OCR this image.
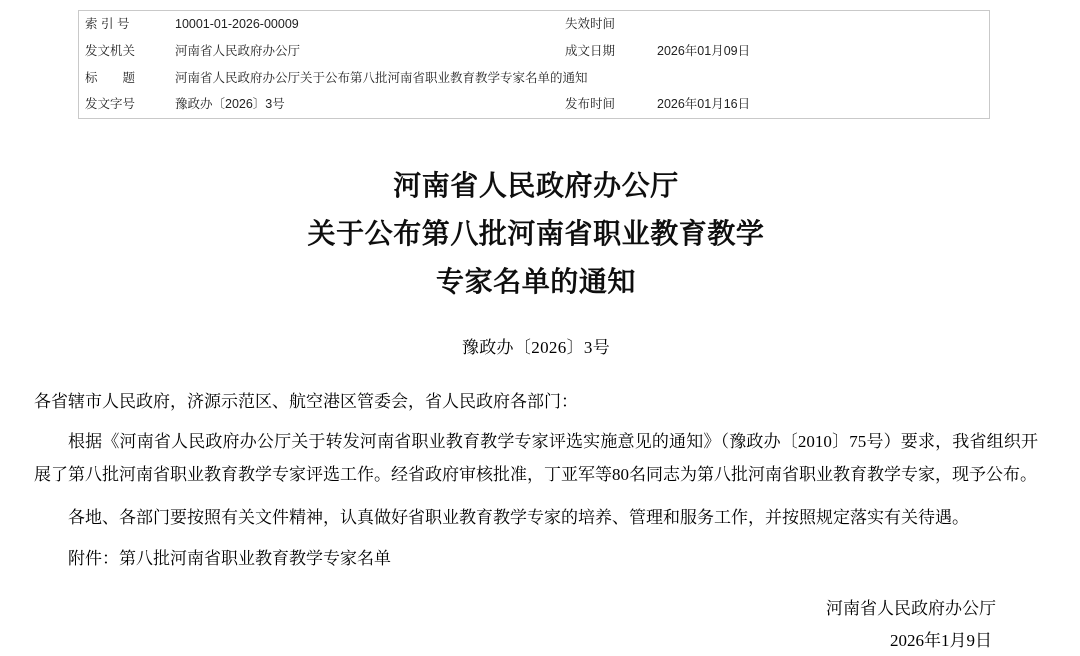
索 引 号	10001-01-2026-00009	失效时间	
发文机关	河南省人民政府办公厅	成文日期	2026年01月09日
标　　题	河南省人民政府办公厅关于公布第八批河南省职业教育教学专家名单的通知		
发文字号	豫政办〔2026〕3号	发布时间	2026年01月16日
河南省人民政府办公厅
关于公布第八批河南省职业教育教学
专家名单的通知
豫政办〔2026〕3号
各省辖市人民政府，济源示范区、航空港区管委会，省人民政府各部门：
根据《河南省人民政府办公厅关于转发河南省职业教育教学专家评选实施意见的通知》（豫政办〔2010〕75号）要求，我省组织开展了第八批河南省职业教育教学专家评选工作。经省政府审核批准，丁亚军等80名同志为第八批河南省职业教育教学专家，现予公布。
各地、各部门要按照有关文件精神，认真做好省职业教育教学专家的培养、管理和服务工作，并按照规定落实有关待遇。
附件：第八批河南省职业教育教学专家名单
河南省人民政府办公厅
2026年1月9日
